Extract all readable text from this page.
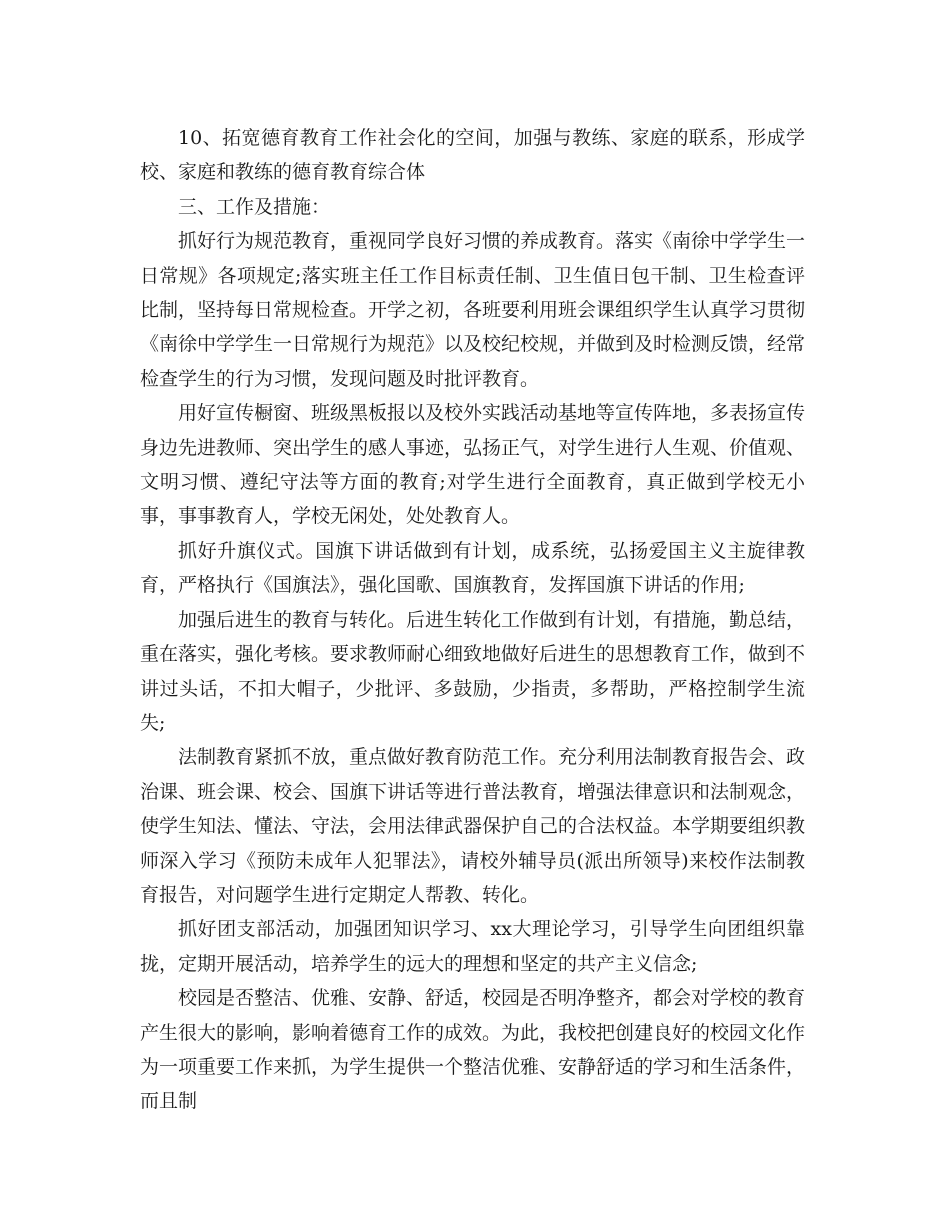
10、拓宽德育教育工作社会化的空间，加强与教练、家庭的联系，形成学校、家庭和教练的德育教育综合体

三、工作及措施：

抓好行为规范教育，重视同学良好习惯的养成教育。落实《南徐中学学生一日常规》各项规定;落实班主任工作目标责任制、卫生值日包干制、卫生检查评比制，坚持每日常规检查。开学之初，各班要利用班会课组织学生认真学习贯彻《南徐中学学生一日常规行为规范》以及校纪校规，并做到及时检测反馈，经常检查学生的行为习惯，发现问题及时批评教育。

用好宣传橱窗、班级黑板报以及校外实践活动基地等宣传阵地，多表扬宣传身边先进教师、突出学生的感人事迹，弘扬正气，对学生进行人生观、价值观、文明习惯、遵纪守法等方面的教育;对学生进行全面教育，真正做到学校无小事，事事教育人，学校无闲处，处处教育人。

抓好升旗仪式。国旗下讲话做到有计划，成系统，弘扬爱国主义主旋律教育，严格执行《国旗法》，强化国歌、国旗教育，发挥国旗下讲话的作用;

加强后进生的教育与转化。后进生转化工作做到有计划，有措施，勤总结，重在落实，强化考核。要求教师耐心细致地做好后进生的思想教育工作，做到不讲过头话，不扣大帽子，少批评、多鼓励，少指责，多帮助，严格控制学生流失;

法制教育紧抓不放，重点做好教育防范工作。充分利用法制教育报告会、政治课、班会课、校会、国旗下讲话等进行普法教育，增强法律意识和法制观念，使学生知法、懂法、守法，会用法律武器保护自己的合法权益。本学期要组织教师深入学习《预防未成年人犯罪法》，请校外辅导员(派出所领导)来校作法制教育报告，对问题学生进行定期定人帮教、转化。

抓好团支部活动，加强团知识学习、xx大理论学习，引导学生向团组织靠拢，定期开展活动，培养学生的远大的理想和坚定的共产主义信念;

校园是否整洁、优雅、安静、舒适，校园是否明净整齐，都会对学校的教育产生很大的影响，影响着德育工作的成效。为此，我校把创建良好的校园文化作为一项重要工作来抓，为学生提供一个整洁优雅、安静舒适的学习和生活条件，而且制
